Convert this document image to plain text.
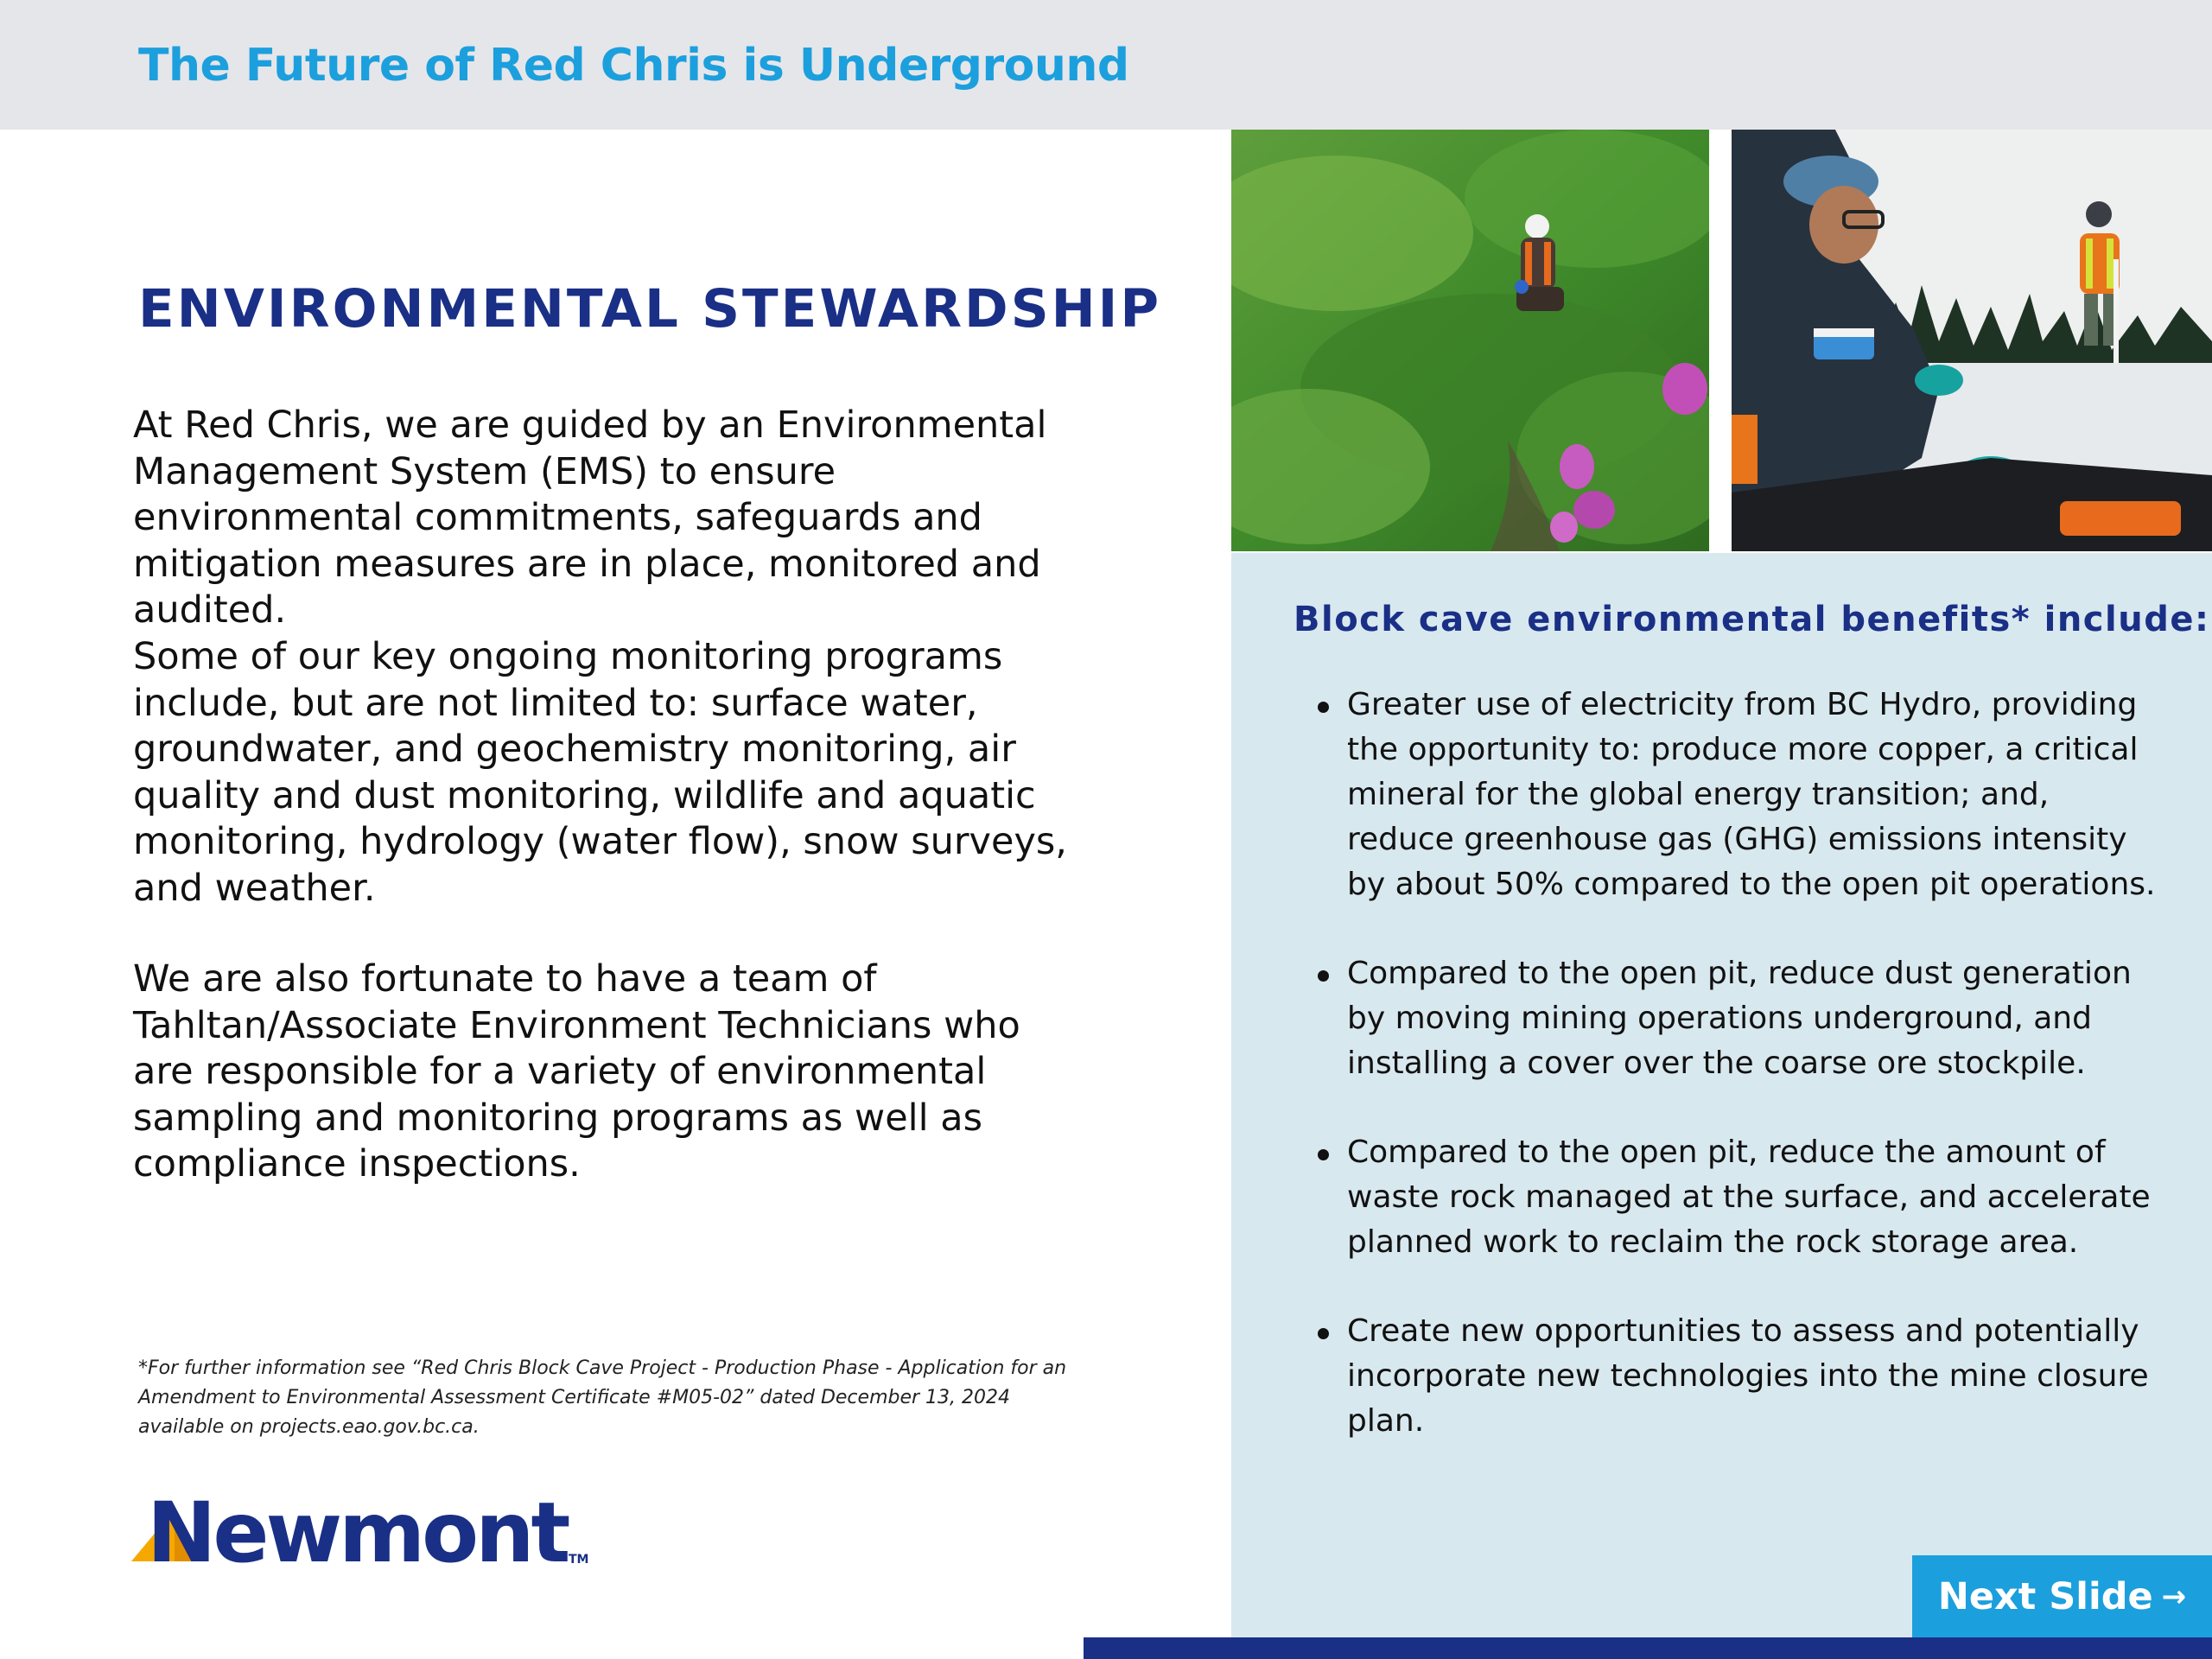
The Future of Red Chris is Underground
ENVIRONMENTAL STEWARDSHIP
At Red Chris, we are guided by an Environmental Management System (EMS) to ensure environmental commitments, safeguards and mitigation measures are in place, monitored and audited.
Some of our key ongoing monitoring programs include, but are not limited to: surface water, groundwater, and geochemistry monitoring, air quality and dust monitoring, wildlife and aquatic monitoring, hydrology (water flow), snow surveys, and weather.
We are also fortunate to have a team of Tahltan/Associate Environment Technicians who are responsible for a variety of environmental sampling and monitoring programs as well as compliance inspections.
*For further information see “Red Chris Block Cave Project - Production Phase - Application for an Amendment to Environmental Assessment Certificate #M05-02” dated December 13, 2024 available on projects.eao.gov.bc.ca.
Newmont TM
Block cave environmental benefits* include:
Greater use of electricity from BC Hydro, providing the opportunity to: produce more copper, a critical mineral for the global energy transition; and, reduce greenhouse gas (GHG) emissions intensity by about 50% compared to the open pit operations.
Compared to the open pit, reduce dust generation by moving mining operations underground, and installing a cover over the coarse ore stockpile.
Compared to the open pit, reduce the amount of waste rock managed at the surface, and accelerate planned work to reclaim the rock storage area.
Create new opportunities to assess and potentially incorporate new technologies into the mine closure plan.
Next Slide →
